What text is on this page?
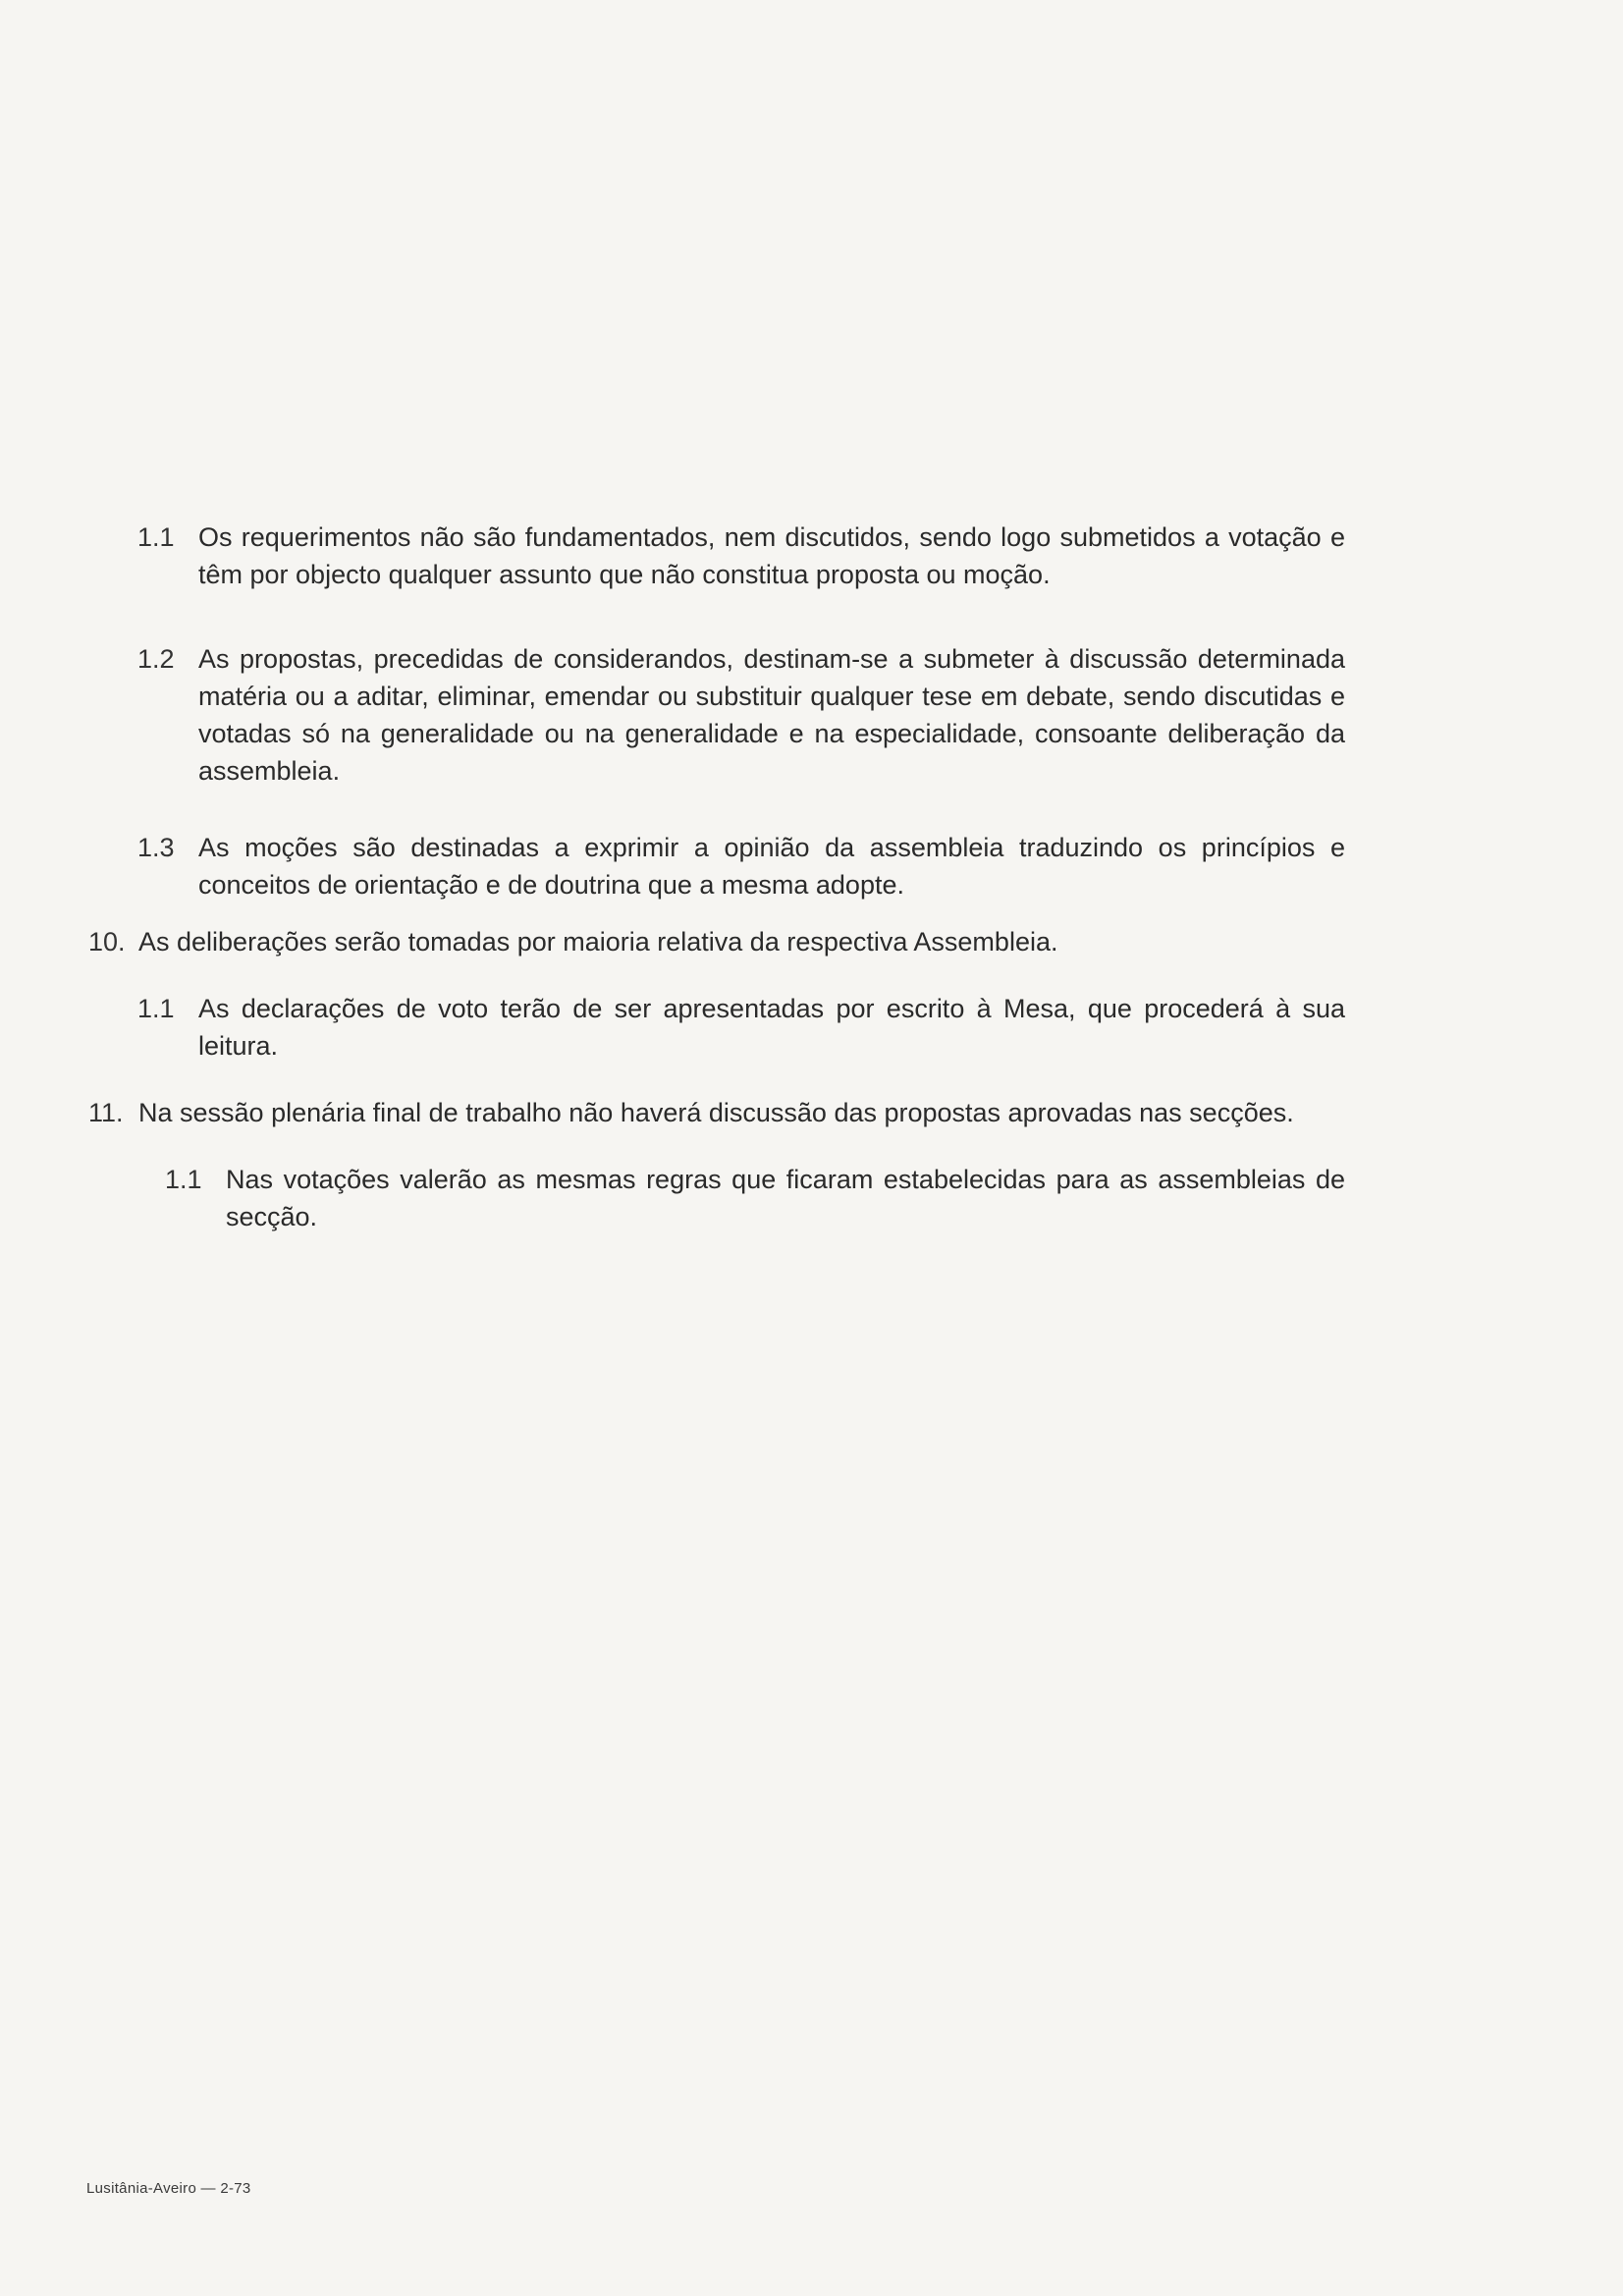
1.1 Os requerimentos não são fundamentados, nem discutidos, sendo logo submetidos a votação e têm por objecto qualquer assunto que não constitua proposta ou moção.
1.2 As propostas, precedidas de considerandos, destinam-se a submeter à discussão determinada matéria ou a aditar, eliminar, emendar ou substituir qualquer tese em debate, sendo discutidas e votadas só na generalidade ou na generalidade e na especialidade, consoante deliberação da assembleia.
1.3 As moções são destinadas a exprimir a opinião da assembleia traduzindo os princípios e conceitos de orientação e de doutrina que a mesma adopte.
10. As deliberações serão tomadas por maioria relativa da respectiva Assembleia.
1.1 As declarações de voto terão de ser apresentadas por escrito à Mesa, que procederá à sua leitura.
11. Na sessão plenária final de trabalho não haverá discussão das propostas aprovadas nas secções.
1.1 Nas votações valerão as mesmas regras que ficaram estabelecidas para as assembleias de secção.
Lusitânia-Aveiro — 2-73
